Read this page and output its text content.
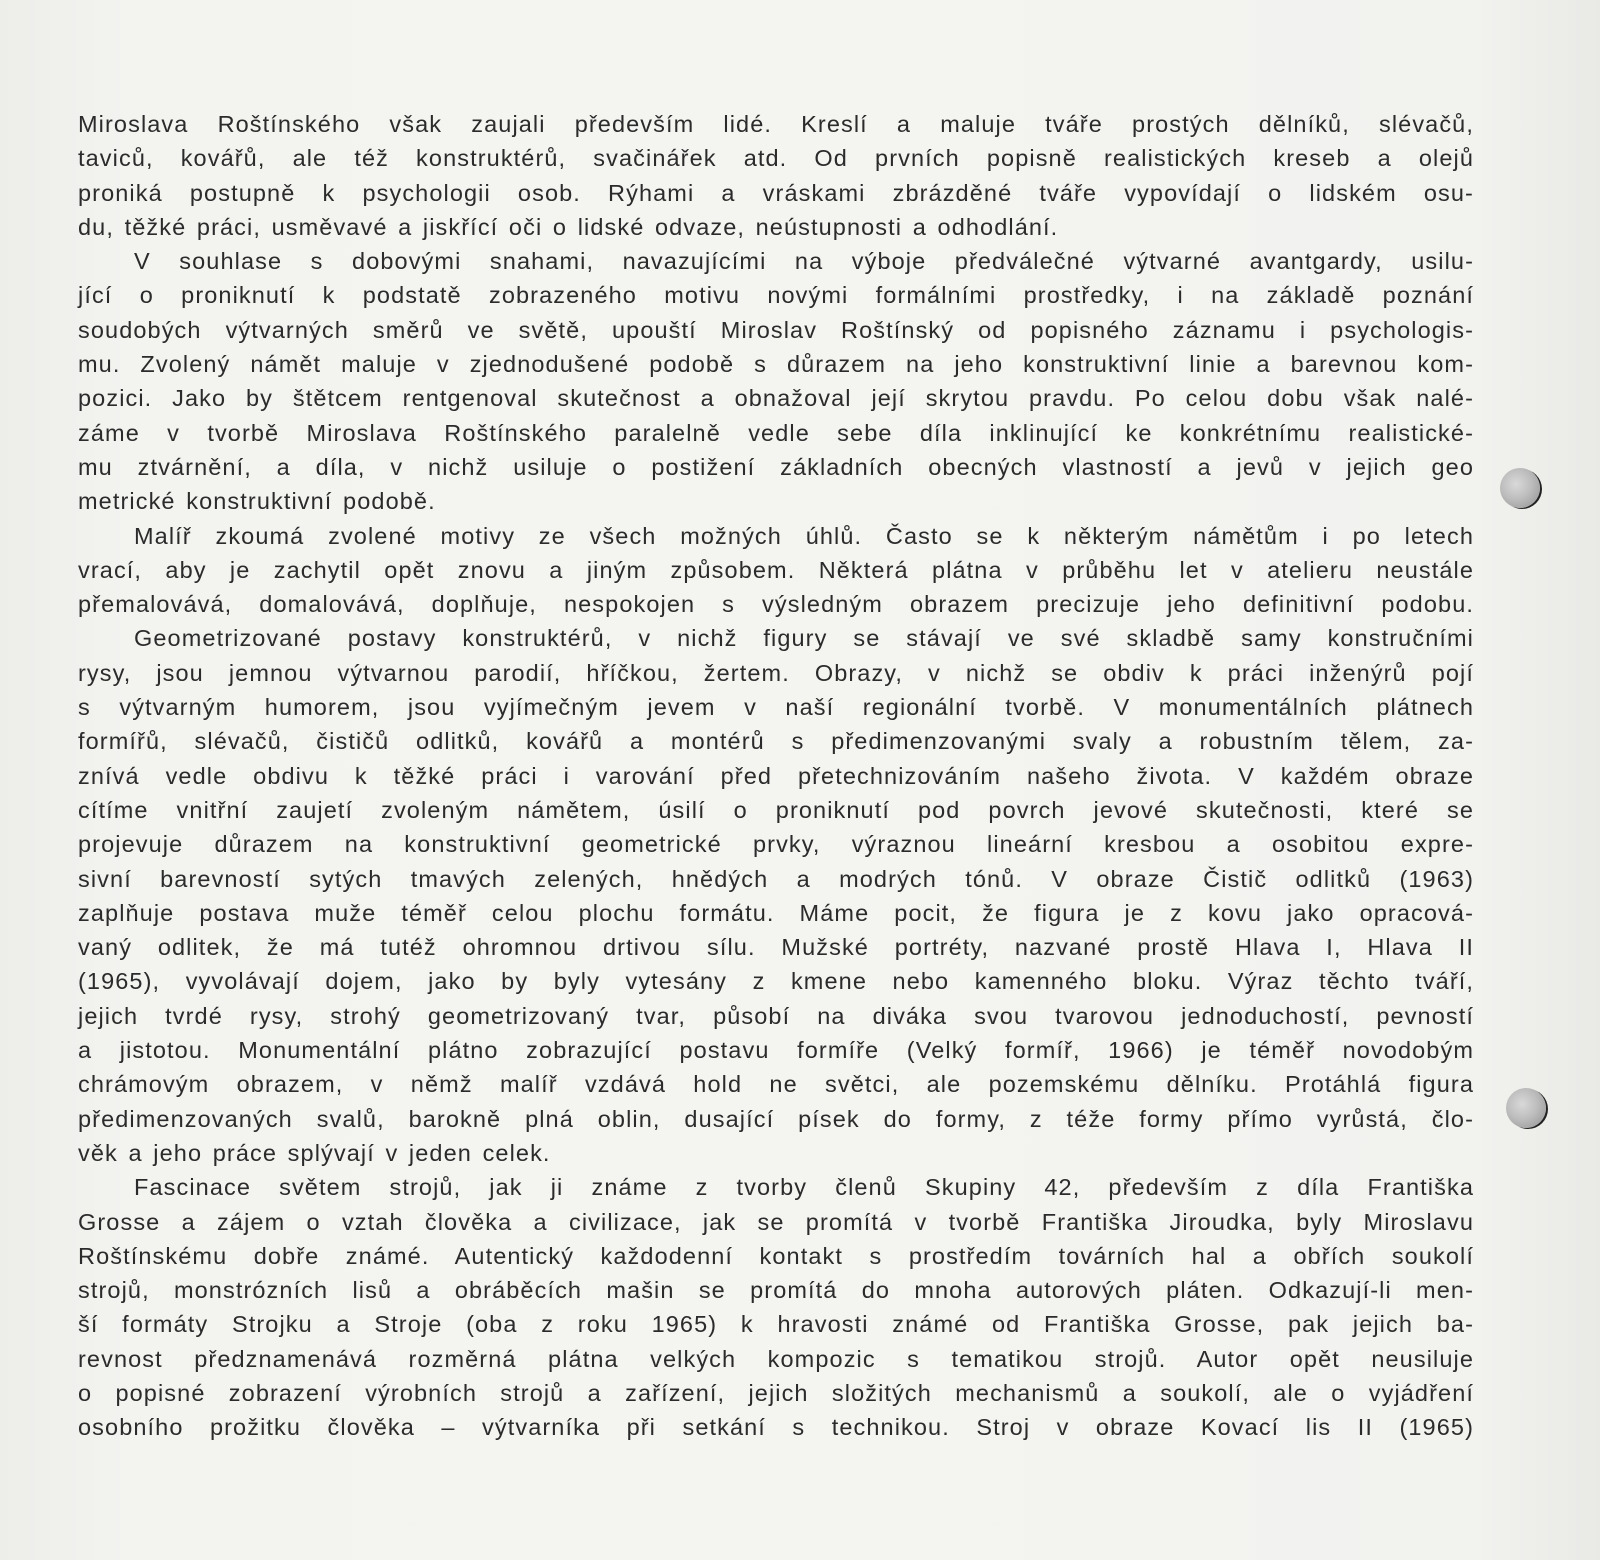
Miroslava Roštínského však zaujali především lidé. Kreslí a maluje tváře prostých dělníků, slévačů,
taviců, kovářů, ale též konstruktérů, svačinářek atd. Od prvních popisně realistických kreseb a olejů
proniká postupně k psychologii osob. Rýhami a vráskami zbrázděné tváře vypovídají o lidském osu-
du, těžké práci, usměvavé a jiskřící oči o lidské odvaze, neústupnosti a odhodlání.
V souhlase s dobovými snahami, navazujícími na výboje předválečné výtvarné avantgardy, usilu-
jící o proniknutí k podstatě zobrazeného motivu novými formálními prostředky, i na základě poznání
soudobých výtvarných směrů ve světě, upouští Miroslav Roštínský od popisného záznamu i psychologis-
mu. Zvolený námět maluje v zjednodušené podobě s důrazem na jeho konstruktivní linie a barevnou kom-
pozici. Jako by štětcem rentgenoval skutečnost a obnažoval její skrytou pravdu. Po celou dobu však nalé-
záme v tvorbě Miroslava Roštínského paralelně vedle sebe díla inklinující ke konkrétnímu realistické-
mu ztvárnění, a díla, v nichž usiluje o postižení základních obecných vlastností a jevů v jejich geo
metrické konstruktivní podobě.
Malíř zkoumá zvolené motivy ze všech možných úhlů. Často se k některým námětům i po letech
vrací, aby je zachytil opět znovu a jiným způsobem. Některá plátna v průběhu let v atelieru neustále
přemalovává, domalovává, doplňuje, nespokojen s výsledným obrazem precizuje jeho definitivní podobu.
Geometrizované postavy konstruktérů, v nichž figury se stávají ve své skladbě samy konstručními
rysy, jsou jemnou výtvarnou parodií, hříčkou, žertem. Obrazy, v nichž se obdiv k práci inženýrů pojí
s výtvarným humorem, jsou vyjímečným jevem v naší regionální tvorbě. V monumentálních plátnech
formířů, slévačů, čističů odlitků, kovářů a montérů s předimenzovanými svaly a robustním tělem, za-
znívá vedle obdivu k těžké práci i varování před přetechnizováním našeho života. V každém obraze
cítíme vnitřní zaujetí zvoleným námětem, úsilí o proniknutí pod povrch jevové skutečnosti, které se
projevuje důrazem na konstruktivní geometrické prvky, výraznou lineární kresbou a osobitou expre-
sivní barevností sytých tmavých zelených, hnědých a modrých tónů. V obraze Čistič odlitků (1963)
zaplňuje postava muže téměř celou plochu formátu. Máme pocit, že figura je z kovu jako opracová-
vaný odlitek, že má tutéž ohromnou drtivou sílu. Mužské portréty, nazvané prostě Hlava I, Hlava II
(1965), vyvolávají dojem, jako by byly vytesány z kmene nebo kamenného bloku. Výraz těchto tváří,
jejich tvrdé rysy, strohý geometrizovaný tvar, působí na diváka svou tvarovou jednoduchostí, pevností
a jistotou. Monumentální plátno zobrazující postavu formíře (Velký formíř, 1966) je téměř novodobým
chrámovým obrazem, v němž malíř vzdává hold ne světci, ale pozemskému dělníku. Protáhlá figura
předimenzovaných svalů, barokně plná oblin, dusající písek do formy, z téže formy přímo vyrůstá, člo-
věk a jeho práce splývají v jeden celek.
Fascinace světem strojů, jak ji známe z tvorby členů Skupiny 42, především z díla Františka
Grosse a zájem o vztah člověka a civilizace, jak se promítá v tvorbě Františka Jiroudka, byly Miroslavu
Roštínskému dobře známé. Autentický každodenní kontakt s prostředím továrních hal a obřích soukolí
strojů, monstrózních lisů a obráběcích mašin se promítá do mnoha autorových pláten. Odkazují-li men-
ší formáty Strojku a Stroje (oba z roku 1965) k hravosti známé od Františka Grosse, pak jejich ba-
revnost předznamenává rozměrná plátna velkých kompozic s tematikou strojů. Autor opět neusiluje
o popisné zobrazení výrobních strojů a zařízení, jejich složitých mechanismů a soukolí, ale o vyjádření
osobního prožitku člověka – výtvarníka při setkání s technikou. Stroj v obraze Kovací lis II (1965)
